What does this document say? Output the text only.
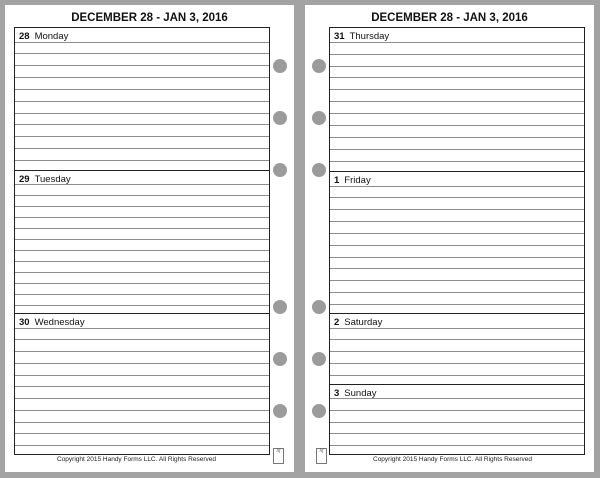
DECEMBER 28 - JAN 3, 2016
28 Monday
29 Tuesday
30 Wednesday
Copyright 2015 Handy Forms LLC. All Rights Reserved
hf
DECEMBER 28 - JAN 3, 2016
31 Thursday
1 Friday
2 Saturday
3 Sunday
Copyright 2015 Handy Forms LLC. All Rights Reserved
hf
